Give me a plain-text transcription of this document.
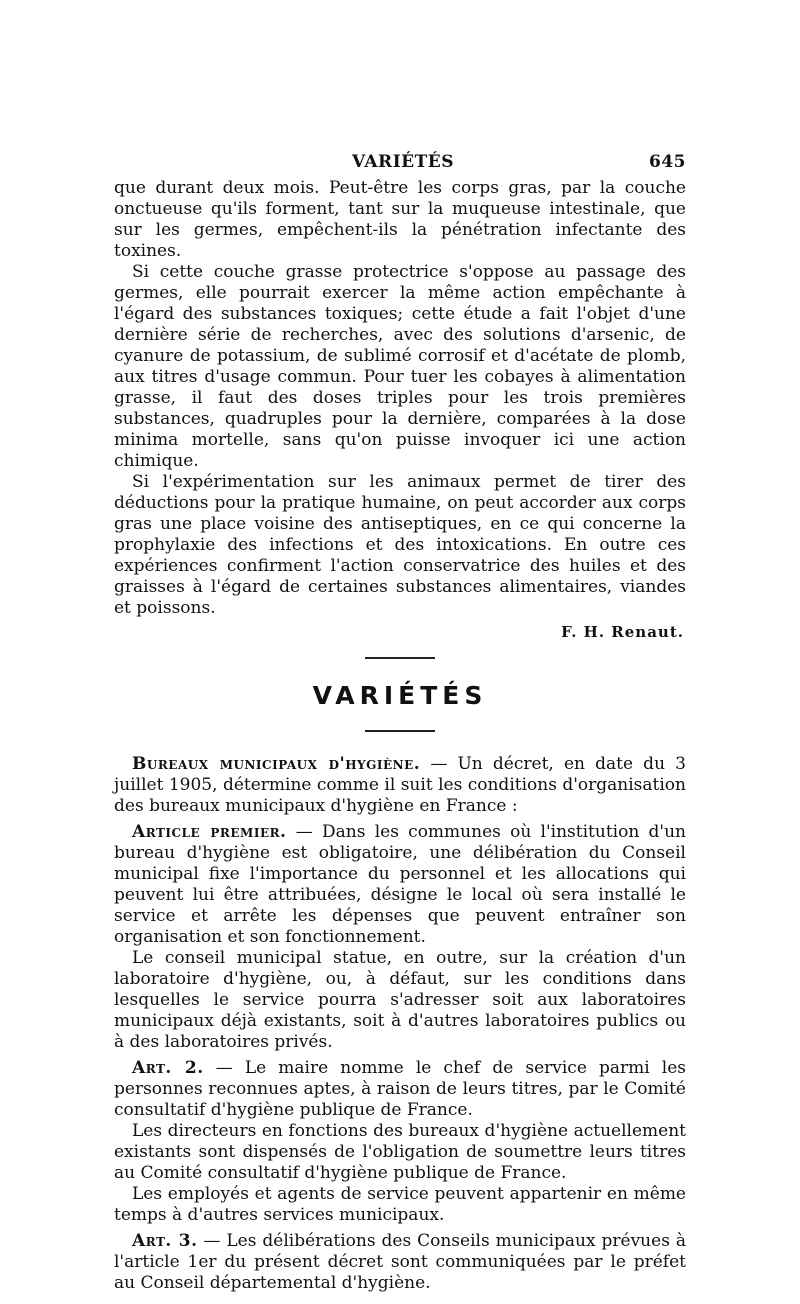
VARIÉTÉS	645

que durant deux mois. Peut-être les corps gras, par la couche onctueuse qu'ils forment, tant sur la muqueuse intestinale, que sur les germes, empêchent-ils la pénétration infectante des toxines.

Si cette couche grasse protectrice s'oppose au passage des germes, elle pourrait exercer la même action empêchante à l'égard des substances toxiques; cette étude a fait l'objet d'une dernière série de recherches, avec des solutions d'arsenic, de cyanure de potassium, de sublimé corrosif et d'acétate de plomb, aux titres d'usage commun. Pour tuer les cobayes à alimentation grasse, il faut des doses triples pour les trois premières substances, quadruples pour la dernière, comparées à la dose minima mortelle, sans qu'on puisse invoquer ici une action chimique.

Si l'expérimentation sur les animaux permet de tirer des déductions pour la pratique humaine, on peut accorder aux corps gras une place voisine des antiseptiques, en ce qui concerne la prophylaxie des infections et des intoxications. En outre ces expériences confirment l'action conservatrice des huiles et des graisses à l'égard de certaines substances alimentaires, viandes et poissons.

F. H. Renaut.
VARIÉTÉS

Bureaux municipaux d'hygiène. — Un décret, en date du 3 juillet 1905, détermine comme il suit les conditions d'organisation des bureaux municipaux d'hygiène en France :

Article premier. — Dans les communes où l'institution d'un bureau d'hygiène est obligatoire, une délibération du Conseil municipal fixe l'importance du personnel et les allocations qui peuvent lui être attribuées, désigne le local où sera installé le service et arrête les dépenses que peuvent entraîner son organisation et son fonctionnement.

Le conseil municipal statue, en outre, sur la création d'un laboratoire d'hygiène, ou, à défaut, sur les conditions dans lesquelles le service pourra s'adresser soit aux laboratoires municipaux déjà existants, soit à d'autres laboratoires publics ou à des laboratoires privés.

Art. 2. — Le maire nomme le chef de service parmi les personnes reconnues aptes, à raison de leurs titres, par le Comité consultatif d'hygiène publique de France.

Les directeurs en fonctions des bureaux d'hygiène actuellement existants sont dispensés de l'obligation de soumettre leurs titres au Comité consultatif d'hygiène publique de France.

Les employés et agents de service peuvent appartenir en même temps à d'autres services municipaux.

Art. 3. — Les délibérations des Conseils municipaux prévues à l'article 1er du présent décret sont communiquées par le préfet au Conseil départemental d'hygiène.
